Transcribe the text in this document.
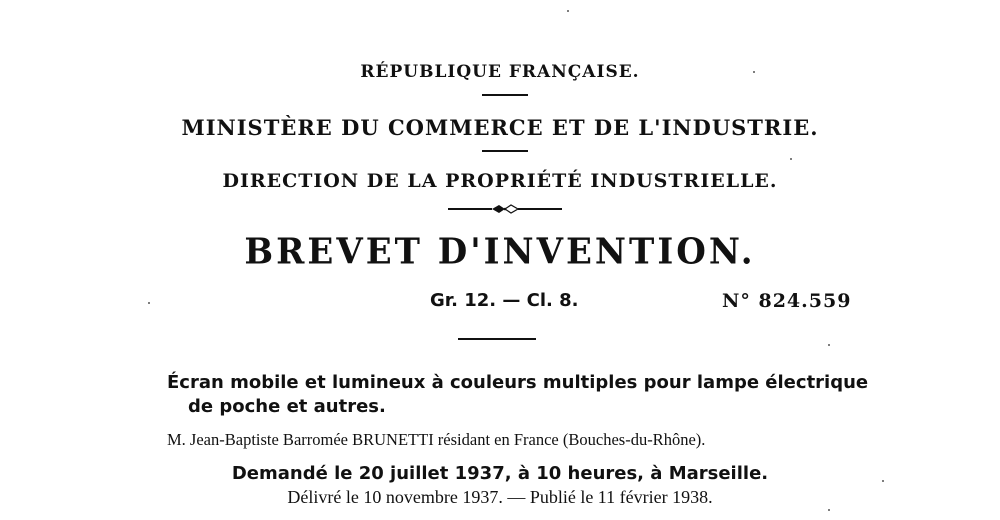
RÉPUBLIQUE FRANÇAISE.
MINISTÈRE DU COMMERCE ET DE L'INDUSTRIE.
DIRECTION DE LA PROPRIÉTÉ INDUSTRIELLE.
BREVET D'INVENTION.
Gr. 12. — Cl. 8.	N° 824.559
Écran mobile et lumineux à couleurs multiples pour lampe électrique
de poche et autres.
M. Jean-Baptiste Barromée BRUNETTI résidant en France (Bouches-du-Rhône).
Demandé le 20 juillet 1937, à 10 heures, à Marseille.
Délivré le 10 novembre 1937. — Publié le 11 février 1938.
